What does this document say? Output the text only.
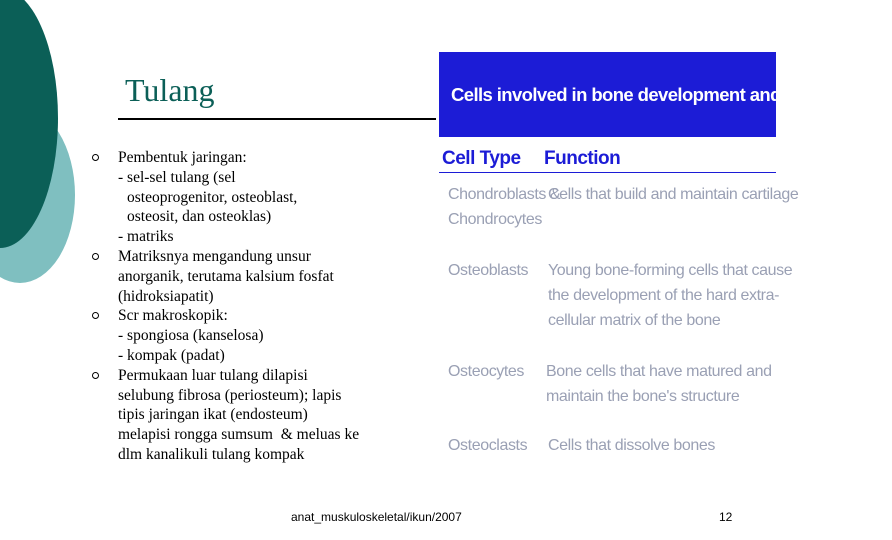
Tulang
Pembentuk jaringan:
- sel-sel tulang (sel
osteoprogenitor, osteoblast,
osteosit, dan osteoklas)
- matriks
Matriksnya mengandung unsur
anorganik, terutama kalsium fosfat
(hidroksiapatit)
Scr makroskopik:
- spongiosa (kanselosa)
- kompak (padat)
Permukaan luar tulang dilapisi
selubung fibrosa (periosteum); lapis
tipis jaringan ikat (endosteum)
melapisi rongga sumsum  & meluas ke
dlm kanalikuli tulang kompak
Cells involved in bone development and maintenance
Cell Type Function
Chondroblasts &
Chondrocytes
Cells that build and maintain cartilage
Osteoblasts Young bone-forming cells that cause
the development of the hard extra-
cellular matrix of the bone
Osteocytes Bone cells that have matured and
maintain the bone's structure
Osteoclasts Cells that dissolve bones
anat_muskuloskeletal/ikun/2007	12
